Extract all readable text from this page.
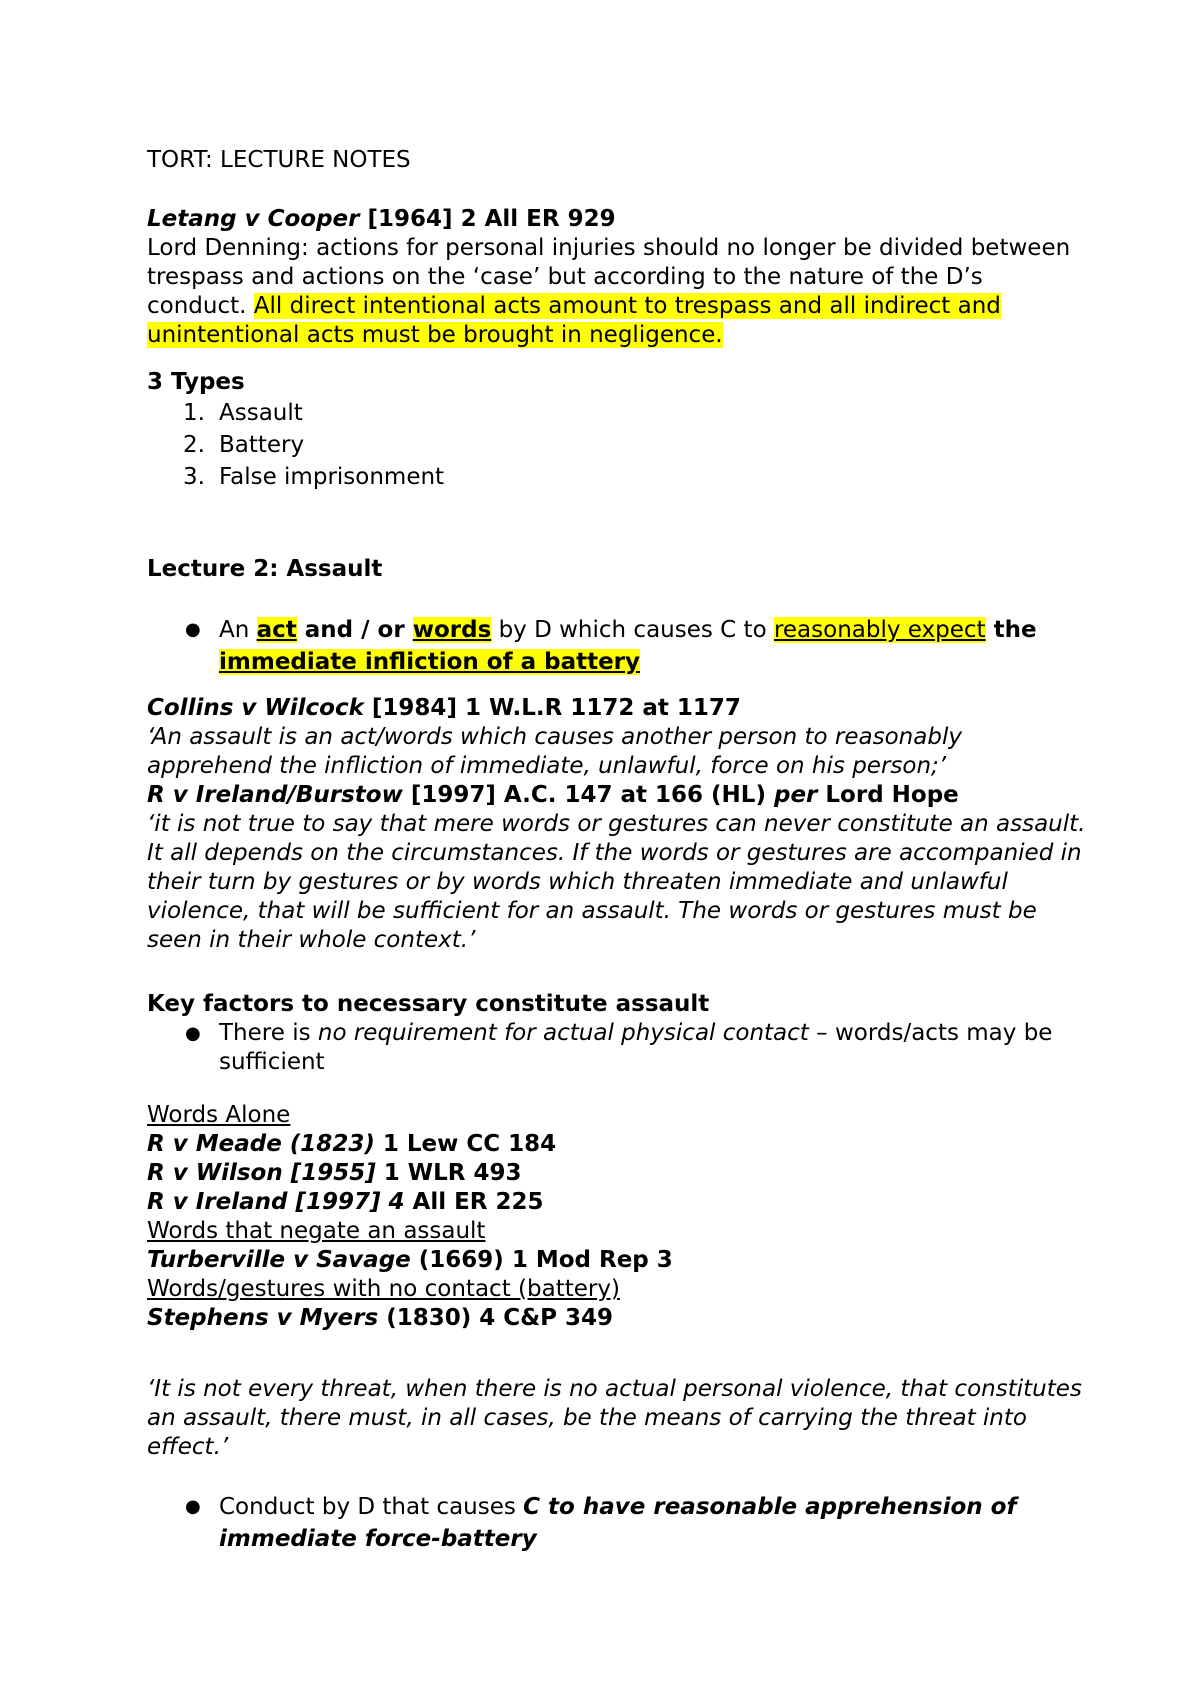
TORT: LECTURE NOTES

Letang v Cooper [1964] 2 All ER 929

Lord Denning: actions for personal injuries should no longer be divided between trespass and actions on the ‘case’ but according to the nature of the D’s conduct. All direct intentional acts amount to trespass and all indirect and unintentional acts must be brought in negligence.

3 Types

1. Assault
2. Battery
3. False imprisonment

Lecture 2: Assault

● An act and / or words by D which causes C to reasonably expect the immediate infliction of a battery

Collins v Wilcock [1984] 1 W.L.R 1172 at 1177

‘An assault is an act/words which causes another person to reasonably apprehend the infliction of immediate, unlawful, force on his person;’

R v Ireland/Burstow [1997] A.C. 147 at 166 (HL) per Lord Hope

‘it is not true to say that mere words or gestures can never constitute an assault. It all depends on the circumstances. If the words or gestures are accompanied in their turn by gestures or by words which threaten immediate and unlawful violence, that will be sufficient for an assault. The words or gestures must be seen in their whole context.’

Key factors to necessary constitute assault

● There is no requirement for actual physical contact – words/acts may be sufficient

Words Alone

R v Meade (1823) 1 Lew CC 184

R v Wilson [1955] 1 WLR 493

R v Ireland [1997] 4 All ER 225

Words that negate an assault

Turberville v Savage (1669) 1 Mod Rep 3

Words/gestures with no contact (battery)

Stephens v Myers (1830) 4 C&P 349

‘It is not every threat, when there is no actual personal violence, that constitutes an assault, there must, in all cases, be the means of carrying the threat into effect.’

● Conduct by D that causes C to have reasonable apprehension of immediate force-battery
